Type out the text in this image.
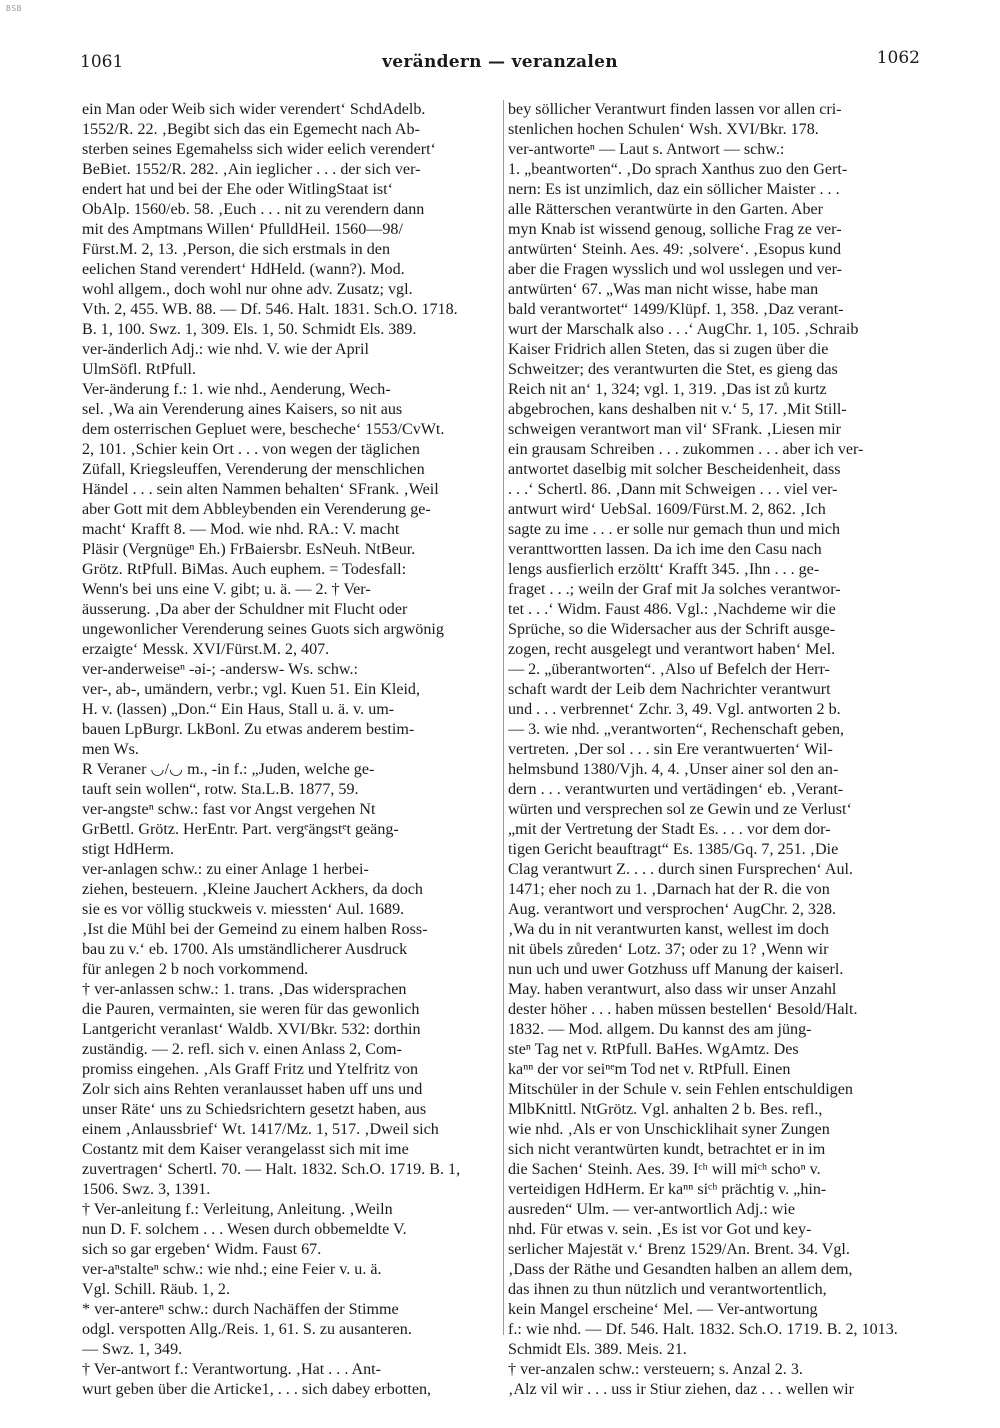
BSB
1061	verändern — veranzalen	1062
ein Man oder Weib sich wider verendert‘ SchdAdelb.
1552/R. 22. ‚Begibt sich das ein Egemecht nach Ab-
sterben seines Egemahelss sich wider eelich verendert‘
BeBiet. 1552/R. 282. ‚Ain ieglicher . . . der sich ver-
endert hat und bei der Ehe oder WitlingStaat ist‘
ObAlp. 1560/eb. 58. ‚Euch . . . nit zu verendern dann
mit des Amptmans Willen‘ PfulldHeil. 1560—98/
Fürst.M. 2, 13. ‚Person, die sich erstmals in den
eelichen Stand verendert‘ HdHeld. (wann?). Mod.
wohl allgem., doch wohl nur ohne adv. Zusatz; vgl.
Vth. 2, 455. WB. 88. — Df. 546. Halt. 1831. Sch.O. 1718.
B. 1, 100. Swz. 1, 309. Els. 1, 50. Schmidt Els. 389.
ver-änderlich Adj.: wie nhd. V. wie der April
UlmSöfl. RtPfull.
Ver-änderung f.: 1. wie nhd., Aenderung, Wech-
sel. ‚Wa ain Verenderung aines Kaisers, so nit aus
dem osterrischen Gepluet were, bescheche‘ 1553/CvWt.
2, 101. ‚Schier kein Ort . . . von wegen der täglichen
Züfall, Kriegsleuffen, Verenderung der menschlichen
Händel . . . sein alten Nammen behalten‘ SFrank. ‚Weil
aber Gott mit dem Abbleybenden ein Verenderung ge-
macht‘ Krafft 8. — Mod. wie nhd. RA.: V. macht
Pläsir (Vergnügeⁿ Eh.) FrBaiersbr. EsNeuh. NtBeur.
Grötz. RtPfull. BiMas. Auch euphem. = Todesfall:
Wenn's bei uns eine V. gibt; u. ä. — 2. † Ver-
äusserung. ‚Da aber der Schuldner mit Flucht oder
ungewonlicher Verenderung seines Guots sich argwönig
erzaigte‘ Messk. XVI/Fürst.M. 2, 407.
ver-anderweiseⁿ -əi-; -andersw- Ws. schw.:
ver-, ab-, umändern, verbr.; vgl. Kuen 51. Ein Kleid,
H. v. (lassen) „Don.“ Ein Haus, Stall u. ä. v. um-
bauen LpBurgr. LkBonl. Zu etwas anderem bestim-
men Ws.
R Veraner ◡/◡ m., -in f.: „Juden, welche ge-
tauft sein wollen“, rotw. Sta.L.B. 1877, 59.
ver-angsteⁿ schw.: fast vor Angst vergehen Nt
GrBettl. Grötz. HerEntr. Part. vergᵉängstᵉt geäng-
stigt HdHerm.
ver-anlagen schw.: zu einer Anlage 1 herbei-
ziehen, besteuern. ‚Kleine Jauchert Ackhers, da doch
sie es vor völlig stuckweis v. miessten‘ Aul. 1689.
‚Ist die Mühl bei der Gemeind zu einem halben Ross-
bau zu v.‘ eb. 1700. Als umständlicherer Ausdruck
für anlegen 2 b noch vorkommend.
† ver-anlassen schw.: 1. trans. ‚Das widersprachen
die Pauren, vermainten, sie weren für das gewonlich
Lantgericht veranlast‘ Waldb. XVI/Bkr. 532: dorthin
zuständig. — 2. refl. sich v. einen Anlass 2, Com-
promiss eingehen. ‚Als Graff Fritz und Ytelfritz von
Zolr sich ains Rehten veranlausset haben uff uns und
unser Räte‘ uns zu Schiedsrichtern gesetzt haben, aus
einem ‚Anlaussbrief‘ Wt. 1417/Mz. 1, 517. ‚Dweil sich
Costantz mit dem Kaiser verangelasst sich mit ime
zuvertragen‘ Schertl. 70. — Halt. 1832. Sch.O. 1719. B. 1,
1506. Swz. 3, 1391.
† Ver-anleitung f.: Verleitung, Anleitung. ‚Weiln
nun D. F. solchem . . . Wesen durch obbemeldte V.
sich so gar ergeben‘ Widm. Faust 67.
ver-aⁿstalteⁿ schw.: wie nhd.; eine Feier v. u. ä.
Vgl. Schill. Räub. 1, 2.
* ver-antereⁿ schw.: durch Nachäffen der Stimme
odgl. verspotten Allg./Reis. 1, 61. S. zu ausanteren.
— Swz. 1, 349.
† Ver-antwort f.: Verantwortung. ‚Hat . . . Ant-
wurt geben über die Articke1, . . . sich dabey erbotten,
bey söllicher Verantwurt finden lassen vor allen cri-
stenlichen hochen Schulen‘ Wsh. XVI/Bkr. 178.
ver-antworteⁿ — Laut s. Antwort — schw.:
1. „beantworten“. ‚Do sprach Xanthus zuo den Gert-
nern: Es ist unzimlich, daz ein söllicher Maister . . .
alle Rätterschen verantwürte in den Garten. Aber
myn Knab ist wissend genoug, solliche Frag ze ver-
antwürten‘ Steinh. Aes. 49: ‚solvere‘. ‚Esopus kund
aber die Fragen wysslich und wol usslegen und ver-
antwürten‘ 67. „Was man nicht wisse, habe man
bald verantwortet“ 1499/Klüpf. 1, 358. ‚Daz verant-
wurt der Marschalk also . . .‘ AugChr. 1, 105. ‚Schraib
Kaiser Fridrich allen Steten, das si zugen über die
Schweitzer; des verantwurten die Stet, es gieng das
Reich nit an‘ 1, 324; vgl. 1, 319. ‚Das ist zů kurtz
abgebrochen, kans deshalben nit v.‘ 5, 17. ‚Mit Still-
schweigen verantwort man vil‘ SFrank. ‚Liesen mir
ein grausam Schreiben . . . zukommen . . . aber ich ver-
antwortet daselbig mit solcher Bescheidenheit, dass
. . .‘ Schertl. 86. ‚Dann mit Schweigen . . . viel ver-
antwurt wird‘ UebSal. 1609/Fürst.M. 2, 862. ‚Ich
sagte zu ime . . . er solle nur gemach thun und mich
veranttwortten lassen. Da ich ime den Casu nach
lengs ausfierlich erzöltt‘ Krafft 345. ‚Ihn . . . ge-
fraget . . .; weiln der Graf mit Ja solches verantwor-
tet . . .‘ Widm. Faust 486. Vgl.: ‚Nachdeme wir die
Sprüche, so die Widersacher aus der Schrift ausge-
zogen, recht ausgelegt und verantwort haben‘ Mel.
— 2. „überantworten“. ‚Also uf Befelch der Herr-
schaft wardt der Leib dem Nachrichter verantwurt
und . . . verbrennet‘ Zchr. 3, 49. Vgl. antworten 2 b.
— 3. wie nhd. „verantworten“, Rechenschaft geben,
vertreten. ‚Der sol . . . sin Ere verantwuerten‘ Wil-
helmsbund 1380/Vjh. 4, 4. ‚Unser ainer sol den an-
dern . . . verantwurten und vertädingen‘ eb. ‚Verant-
würten und versprechen sol ze Gewin und ze Verlust‘
„mit der Vertretung der Stadt Es. . . . vor dem dor-
tigen Gericht beauftragt“ Es. 1385/Gq. 7, 251. ‚Die
Clag verantwurt Z. . . . durch sinen Fursprechen‘ Aul.
1471; eher noch zu 1. ‚Darnach hat der R. die von
Aug. verantwort und versprochen‘ AugChr. 2, 328.
‚Wa du in nit verantwurten kanst, wellest im doch
nit übels zůreden‘ Lotz. 37; oder zu 1? ‚Wenn wir
nun uch und uwer Gotzhuss uff Manung der kaiserl.
May. haben verantwurt, also dass wir unser Anzahl
dester höher . . . haben müssen bestellen‘ Besold/Halt.
1832. — Mod. allgem. Du kannst des am jüng-
steⁿ Tag net v. RtPfull. BaHes. WgAmtz. Des
kaⁿⁿ der vor seiⁿᵉm Tod net v. RtPfull. Einen
Mitschüler in der Schule v. sein Fehlen entschuldigen
MlbKnittl. NtGrötz. Vgl. anhalten 2 b. Bes. refl.,
wie nhd. ‚Als er von Unschicklihait syner Zungen
sich nicht verantwürten kundt, betrachtet er in im
die Sachen‘ Steinh. Aes. 39. Iᶜʰ will miᶜʰ schoⁿ v.
verteidigen HdHerm. Er kaⁿⁿ siᶜʰ prächtig v. „hin-
ausreden“ Ulm. — ver-antwortlich Adj.: wie
nhd. Für etwas v. sein. ‚Es ist vor Got und key-
serlicher Majestät v.‘ Brenz 1529/An. Brent. 34. Vgl.
‚Dass der Räthe und Gesandten halben an allem dem,
das ihnen zu thun nützlich und verantwortentlich,
kein Mangel erscheine‘ Mel. — Ver-antwortung
f.: wie nhd. — Df. 546. Halt. 1832. Sch.O. 1719. B. 2, 1013.
Schmidt Els. 389. Meis. 21.
† ver-anzalen schw.: versteuern; s. Anzal 2. 3.
‚Alz vil wir . . . uss ir Stiur ziehen, daz . . . wellen wir
